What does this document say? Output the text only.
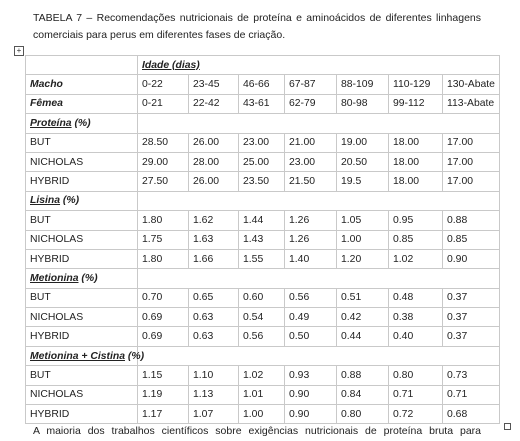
TABELA 7 – Recomendações nutricionais de proteína e aminoácidos de diferentes linhagens comerciais para perus em diferentes fases de criação.
+
	Idade (dias)						
Macho	0-22	23-45	46-66	67-87	88-109	110-129	130-Abate
Fêmea	0-21	22-42	43-61	62-79	80-98	99-112	113-Abate
Proteína (%)							
BUT	28.50	26.00	23.00	21.00	19.00	18.00	17.00
NICHOLAS	29.00	28.00	25.00	23.00	20.50	18.00	17.00
HYBRID	27.50	26.00	23.50	21.50	19.5	18.00	17.00
Lisina (%)							
BUT	1.80	1.62	1.44	1.26	1.05	0.95	0.88
NICHOLAS	1.75	1.63	1.43	1.26	1.00	0.85	0.85
HYBRID	1.80	1.66	1.55	1.40	1.20	1.02	0.90
Metionina (%)							
BUT	0.70	0.65	0.60	0.56	0.51	0.48	0.37
NICHOLAS	0.69	0.63	0.54	0.49	0.42	0.38	0.37
HYBRID	0.69	0.63	0.56	0.50	0.44	0.40	0.37
Metionina + Cistina (%)							
BUT	1.15	1.10	1.02	0.93	0.88	0.80	0.73
NICHOLAS	1.19	1.13	1.01	0.90	0.84	0.71	0.71
HYBRID	1.17	1.07	1.00	0.90	0.80	0.72	0.68
A maioria dos trabalhos científicos sobre exigências nutricionais de proteína bruta para
